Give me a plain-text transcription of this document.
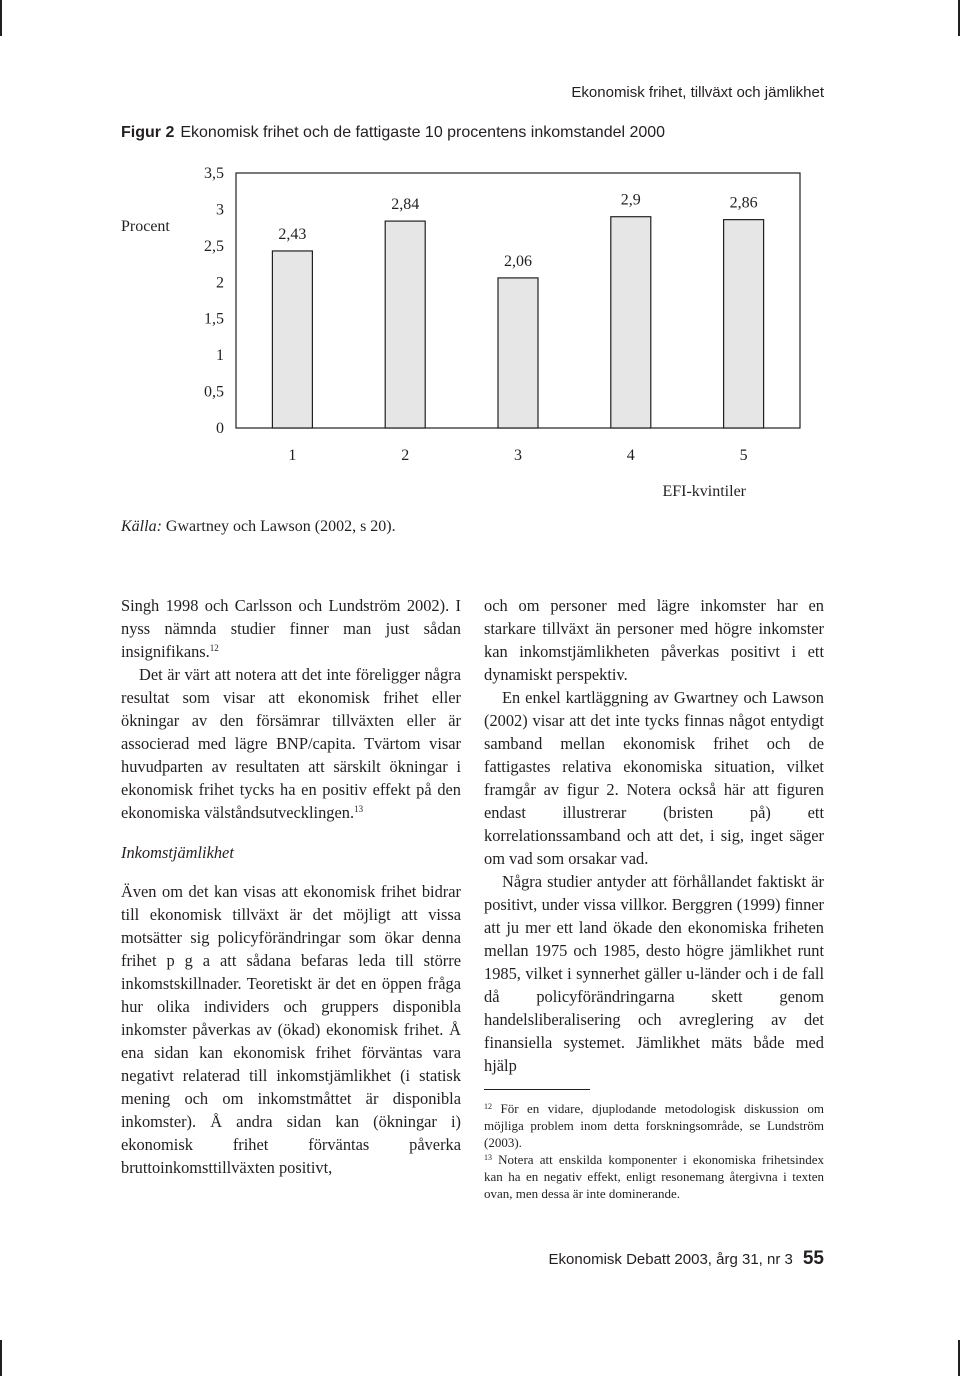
Ekonomisk frihet, tillväxt och jämlikhet
Figur 2 Ekonomisk frihet och de fattigaste 10 procentens inkomstandel 2000
0
0,5
1
1,5
2
2,5
3
3,5
Procent	2,43
1
2,84
2
2,06
3
2,9
4
2,86
5
EFI-kvintiler
Källa: Gwartney och Lawson (2002, s 20).

Singh 1998 och Carlsson och Lundström 2002). I nyss nämnda studier finner man just sådan insignifikans.$^{12}$

Det är värt att notera att det inte föreligger några resultat som visar att ekonomisk frihet eller ökningar av den försämrar tillväxten eller är associerad med lägre BNP/capita. Tvärtom visar huvudparten av resultaten att särskilt ökningar i ekonomisk frihet tycks ha en positiv effekt på den ekonomiska välståndsutvecklingen.$^{13}$

Inkomstjämlikhet

Även om det kan visas att ekonomisk frihet bidrar till ekonomisk tillväxt är det möjligt att vissa motsätter sig policyförändringar som ökar denna frihet p g a att sådana befaras leda till större inkomstskillnader. Teoretiskt är det en öppen fråga hur olika individers och gruppers disponibla inkomster påverkas av (ökad) ekonomisk frihet. Å ena sidan kan ekonomisk frihet förväntas vara negativt relaterad till inkomstjämlikhet (i statisk mening och om inkomstmåttet är disponibla inkomster). Å andra sidan kan (ökningar i) ekonomisk frihet förväntas påverka bruttoinkomsttillväxten positivt,

och om personer med lägre inkomster har en starkare tillväxt än personer med högre inkomster kan inkomstjämlikheten påverkas positivt i ett dynamiskt perspektiv.

En enkel kartläggning av Gwartney och Lawson (2002) visar att det inte tycks finnas något entydigt samband mellan ekonomisk frihet och de fattigastes relativa ekonomiska situation, vilket framgår av figur 2. Notera också här att figuren endast illustrerar (bristen på) ett korrelationssamband och att det, i sig, inget säger om vad som orsakar vad.

Några studier antyder att förhållandet faktiskt är positivt, under vissa villkor. Berggren (1999) finner att ju mer ett land ökade den ekonomiska friheten mellan 1975 och 1985, desto högre jämlikhet runt 1985, vilket i synnerhet gäller u-länder och i de fall då policyförändringarna skett genom handelsliberalisering och avreglering av det finansiella systemet. Jämlikhet mäts både med hjälp

$^{12}$ För en vidare, djuplodande metodologisk diskussion om möjliga problem inom detta forskningsområde, se Lundström (2003).

$^{13}$ Notera att enskilda komponenter i ekonomiska frihetsindex kan ha en negativ effekt, enligt resonemang återgivna i texten ovan, men dessa är inte dominerande.

Ekonomisk Debatt 2003, årg 31, nr 3 55
